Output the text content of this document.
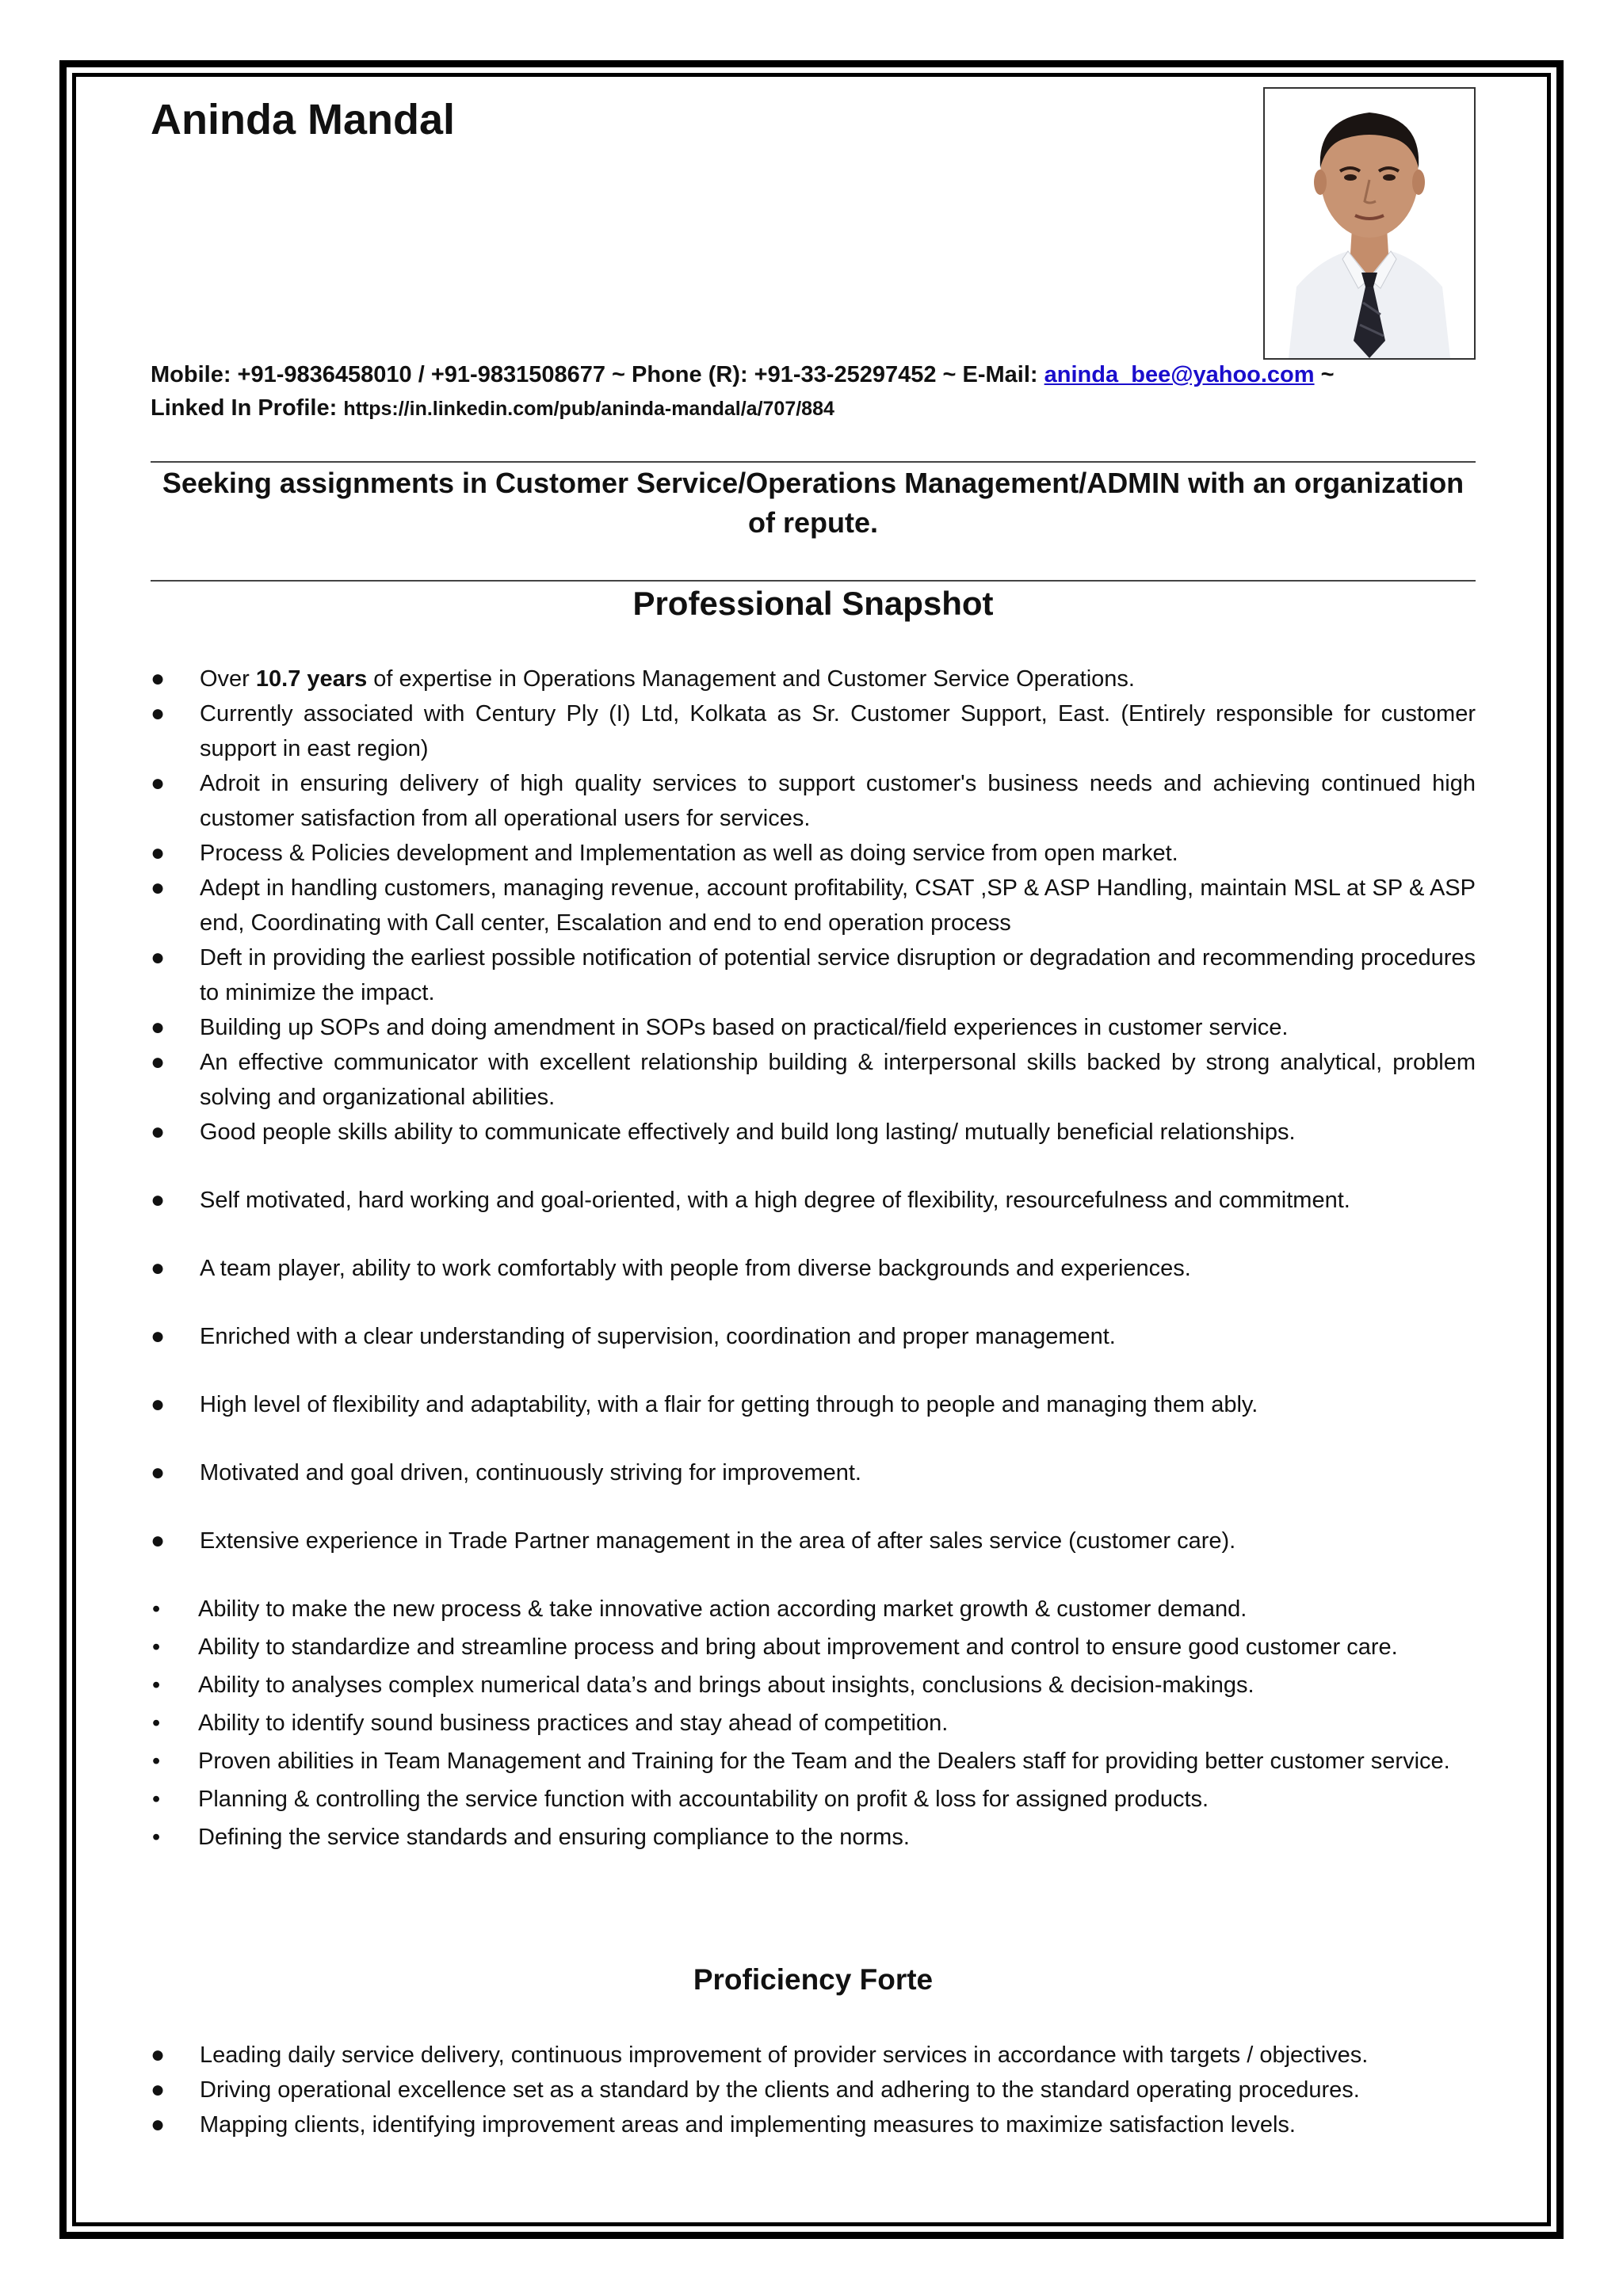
Aninda Mandal
Mobile: +91-9836458010 / +91-9831508677 ~ Phone (R): +91-33-25297452 ~ E-Mail: aninda_bee@yahoo.com ~
Linked In Profile: https://in.linkedin.com/pub/aninda-mandal/a/707/884
Seeking assignments in Customer Service/Operations Management/ADMIN with an organization of repute.
Professional Snapshot
● Over 10.7 years of expertise in Operations Management and Customer Service Operations.
● Currently associated with Century Ply (I) Ltd, Kolkata as Sr. Customer Support, East. (Entirely responsible for customer support in east region)
● Adroit in ensuring delivery of high quality services to support customer's business needs and achieving continued high customer satisfaction from all operational users for services.
● Process & Policies development and Implementation as well as doing service from open market.
● Adept in handling customers, managing revenue, account profitability, CSAT ,SP & ASP Handling, maintain MSL at SP & ASP end, Coordinating with Call center, Escalation and end to end operation process
● Deft in providing the earliest possible notification of potential service disruption or degradation and recommending procedures to minimize the impact.
● Building up SOPs and doing amendment in SOPs based on practical/field experiences in customer service.
● An effective communicator with excellent relationship building & interpersonal skills backed by strong analytical, problem solving and organizational abilities.
● Good people skills ability to communicate effectively and build long lasting/ mutually beneficial relationships.
● Self motivated, hard working and goal-oriented, with a high degree of flexibility, resourcefulness and commitment.
● A team player, ability to work comfortably with people from diverse backgrounds and experiences.
● Enriched with a clear understanding of supervision, coordination and proper management.
● High level of flexibility and adaptability, with a flair for getting through to people and managing them ably.
● Motivated and goal driven, continuously striving for improvement.
● Extensive experience in Trade Partner management in the area of after sales service (customer care).
• Ability to make the new process & take innovative action according market growth & customer demand.
• Ability to standardize and streamline process and bring about improvement and control to ensure good customer care.
• Ability to analyses complex numerical data’s and brings about insights, conclusions & decision-makings.
• Ability to identify sound business practices and stay ahead of competition.
• Proven abilities in Team Management and Training for the Team and the Dealers staff for providing better customer service.
• Planning & controlling the service function with accountability on profit & loss for assigned products.
• Defining the service standards and ensuring compliance to the norms.
Proficiency Forte
● Leading daily service delivery, continuous improvement of provider services in accordance with targets / objectives.
● Driving operational excellence set as a standard by the clients and adhering to the standard operating procedures.
● Mapping clients, identifying improvement areas and implementing measures to maximize satisfaction levels.
